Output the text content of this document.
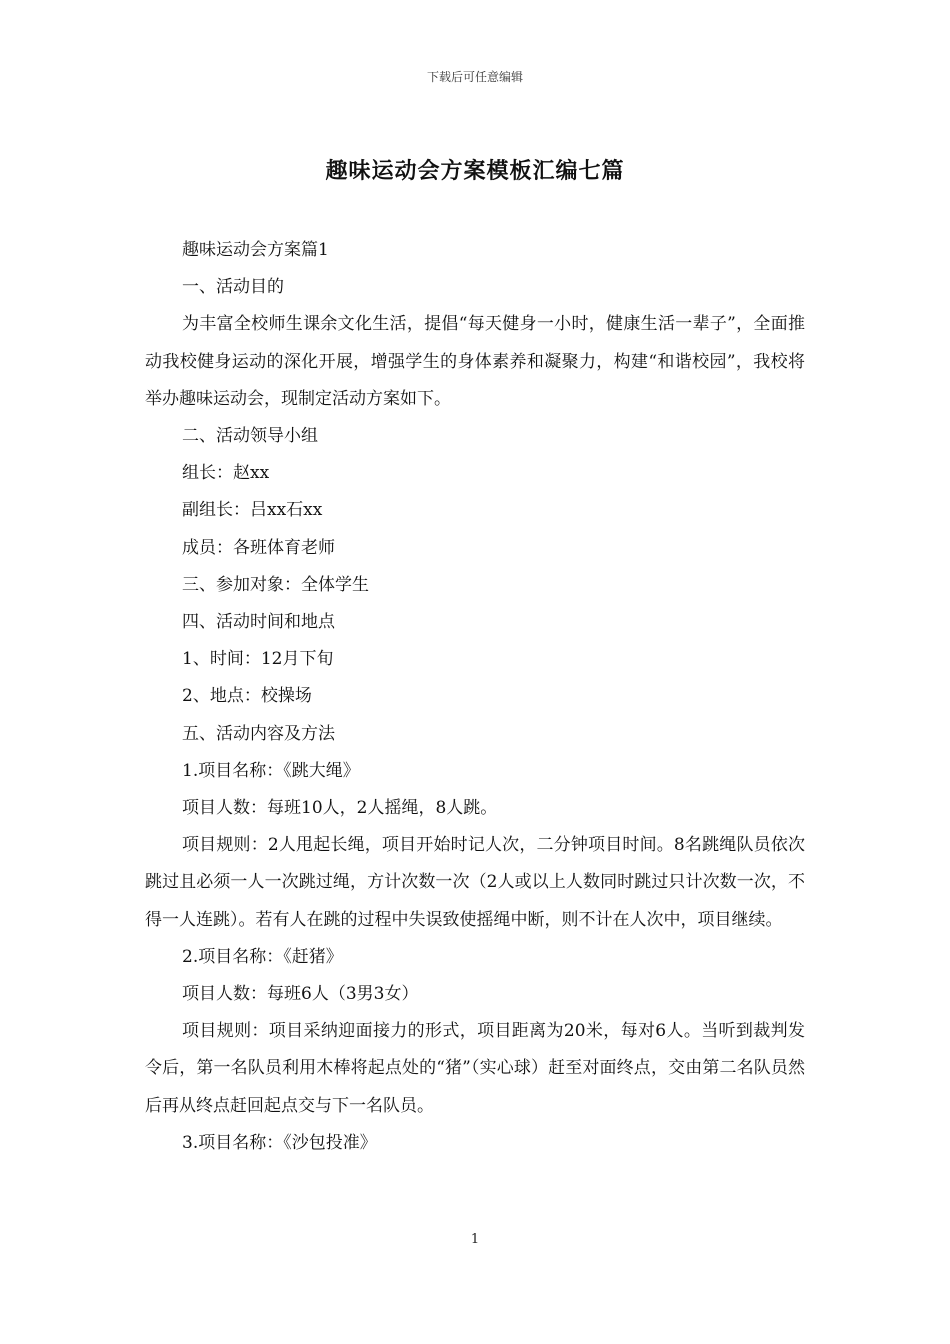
下载后可任意编辑
趣味运动会方案模板汇编七篇

趣味运动会方案篇1

一、活动目的

为丰富全校师生课余文化生活，提倡“每天健身一小时，健康生活一辈子”，全面推动我校健身运动的深化开展，增强学生的身体素养和凝聚力，构建“和谐校园”，我校将举办趣味运动会，现制定活动方案如下。

二、活动领导小组

组长：赵xx

副组长：吕xx石xx

成员：各班体育老师

三、参加对象：全体学生

四、活动时间和地点

1、时间：12月下旬

2、地点：校操场

五、活动内容及方法

1.项目名称：《跳大绳》

项目人数：每班10人，2人摇绳，8人跳。

项目规则：2人甩起长绳，项目开始时记人次，二分钟项目时间。8名跳绳队员依次跳过且必须一人一次跳过绳，方计次数一次（2人或以上人数同时跳过只计次数一次，不得一人连跳）。若有人在跳的过程中失误致使摇绳中断，则不计在人次中，项目继续。

2.项目名称：《赶猪》

项目人数：每班6人（3男3女）

项目规则：项目采纳迎面接力的形式，项目距离为20米，每对6人。当听到裁判发令后，第一名队员利用木棒将起点处的“猪”（实心球）赶至对面终点，交由第二名队员然后再从终点赶回起点交与下一名队员。

3.项目名称：《沙包投准》

1
